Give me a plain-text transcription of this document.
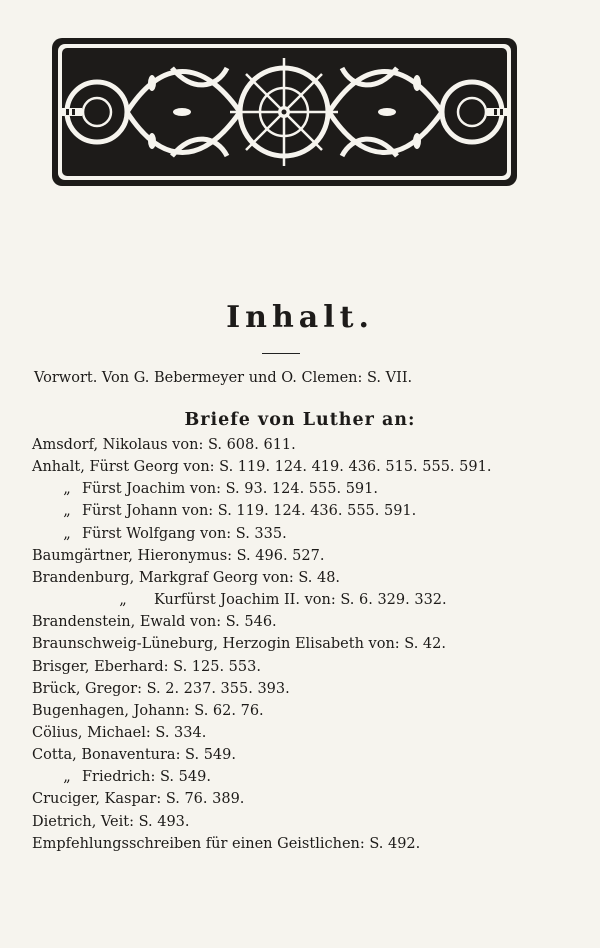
Inhalt.
Vorwort. Von G. Bebermeyer und O. Clemen: S. VII.
Briefe von Luther an:
Amsdorf, Nikolaus von: S. 608. 611.
Anhalt, Fürst Georg von: S. 119. 124. 419. 436. 515. 555. 591.
„ Fürst Joachim von: S. 93. 124. 555. 591.
„ Fürst Johann von: S. 119. 124. 436. 555. 591.
„ Fürst Wolfgang von: S. 335.
Baumgärtner, Hieronymus: S. 496. 527.
Brandenburg, Markgraf Georg von: S. 48.
„ Kurfürst Joachim II. von: S. 6. 329. 332.
Brandenstein, Ewald von: S. 546.
Braunschweig-Lüneburg, Herzogin Elisabeth von: S. 42.
Brisger, Eberhard: S. 125. 553.
Brück, Gregor: S. 2. 237. 355. 393.
Bugenhagen, Johann: S. 62. 76.
Cölius, Michael: S. 334.
Cotta, Bonaventura: S. 549.
„ Friedrich: S. 549.
Cruciger, Kaspar: S. 76. 389.
Dietrich, Veit: S. 493.
Empfehlungsschreiben für einen Geistlichen: S. 492.
